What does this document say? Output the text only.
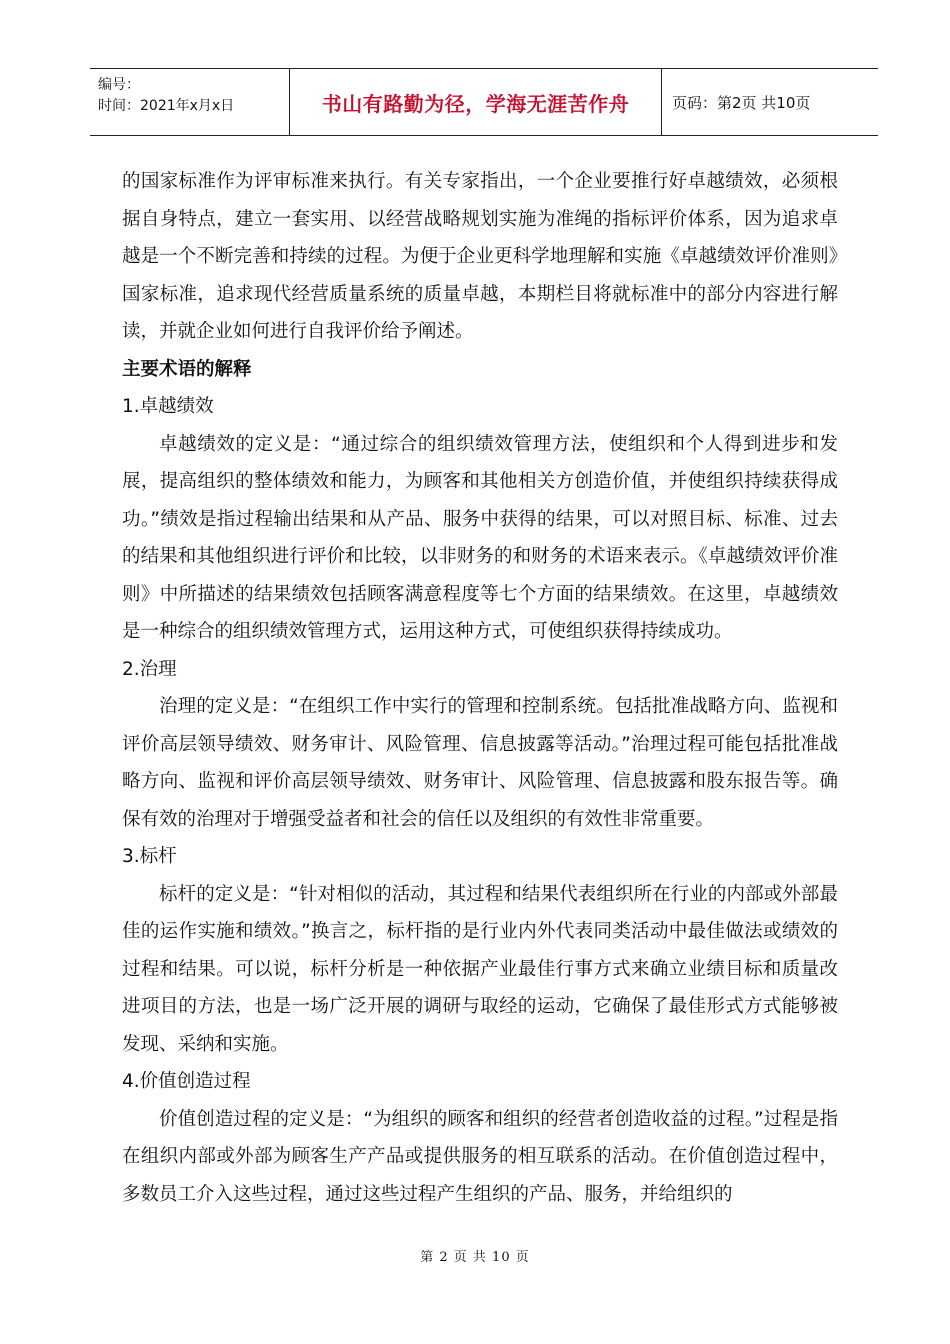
编号：
时间：2021年x月x日	书山有路勤为径，学海无涯苦作舟	页码：第2页 共10页

的国家标准作为评审标准来执行。有关专家指出，一个企业要推行好卓越绩效，必须根据自身特点，建立一套实用、以经营战略规划实施为准绳的指标评价体系，因为追求卓越是一个不断完善和持续的过程。为便于企业更科学地理解和实施《卓越绩效评价准则》国家标准，追求现代经营质量系统的质量卓越，本期栏目将就标准中的部分内容进行解读，并就企业如何进行自我评价给予阐述。

主要术语的解释

1.卓越绩效

卓越绩效的定义是：“通过综合的组织绩效管理方法，使组织和个人得到进步和发展，提高组织的整体绩效和能力，为顾客和其他相关方创造价值，并使组织持续获得成功。”绩效是指过程输出结果和从产品、服务中获得的结果，可以对照目标、标准、过去的结果和其他组织进行评价和比较，以非财务的和财务的术语来表示。《卓越绩效评价准则》中所描述的结果绩效包括顾客满意程度等七个方面的结果绩效。在这里，卓越绩效是一种综合的组织绩效管理方式，运用这种方式，可使组织获得持续成功。

2.治理

治理的定义是：“在组织工作中实行的管理和控制系统。包括批准战略方向、监视和评价高层领导绩效、财务审计、风险管理、信息披露等活动。”治理过程可能包括批准战略方向、监视和评价高层领导绩效、财务审计、风险管理、信息披露和股东报告等。确保有效的治理对于增强受益者和社会的信任以及组织的有效性非常重要。

3.标杆

标杆的定义是：“针对相似的活动，其过程和结果代表组织所在行业的内部或外部最佳的运作实施和绩效。”换言之，标杆指的是行业内外代表同类活动中最佳做法或绩效的过程和结果。可以说，标杆分析是一种依据产业最佳行事方式来确立业绩目标和质量改进项目的方法，也是一场广泛开展的调研与取经的运动，它确保了最佳形式方式能够被发现、采纳和实施。

4.价值创造过程

价值创造过程的定义是：“为组织的顾客和组织的经营者创造收益的过程。”过程是指在组织内部或外部为顾客生产产品或提供服务的相互联系的活动。在价值创造过程中，多数员工介入这些过程，通过这些过程产生组织的产品、服务，并给组织的

第 2 页 共 10 页
